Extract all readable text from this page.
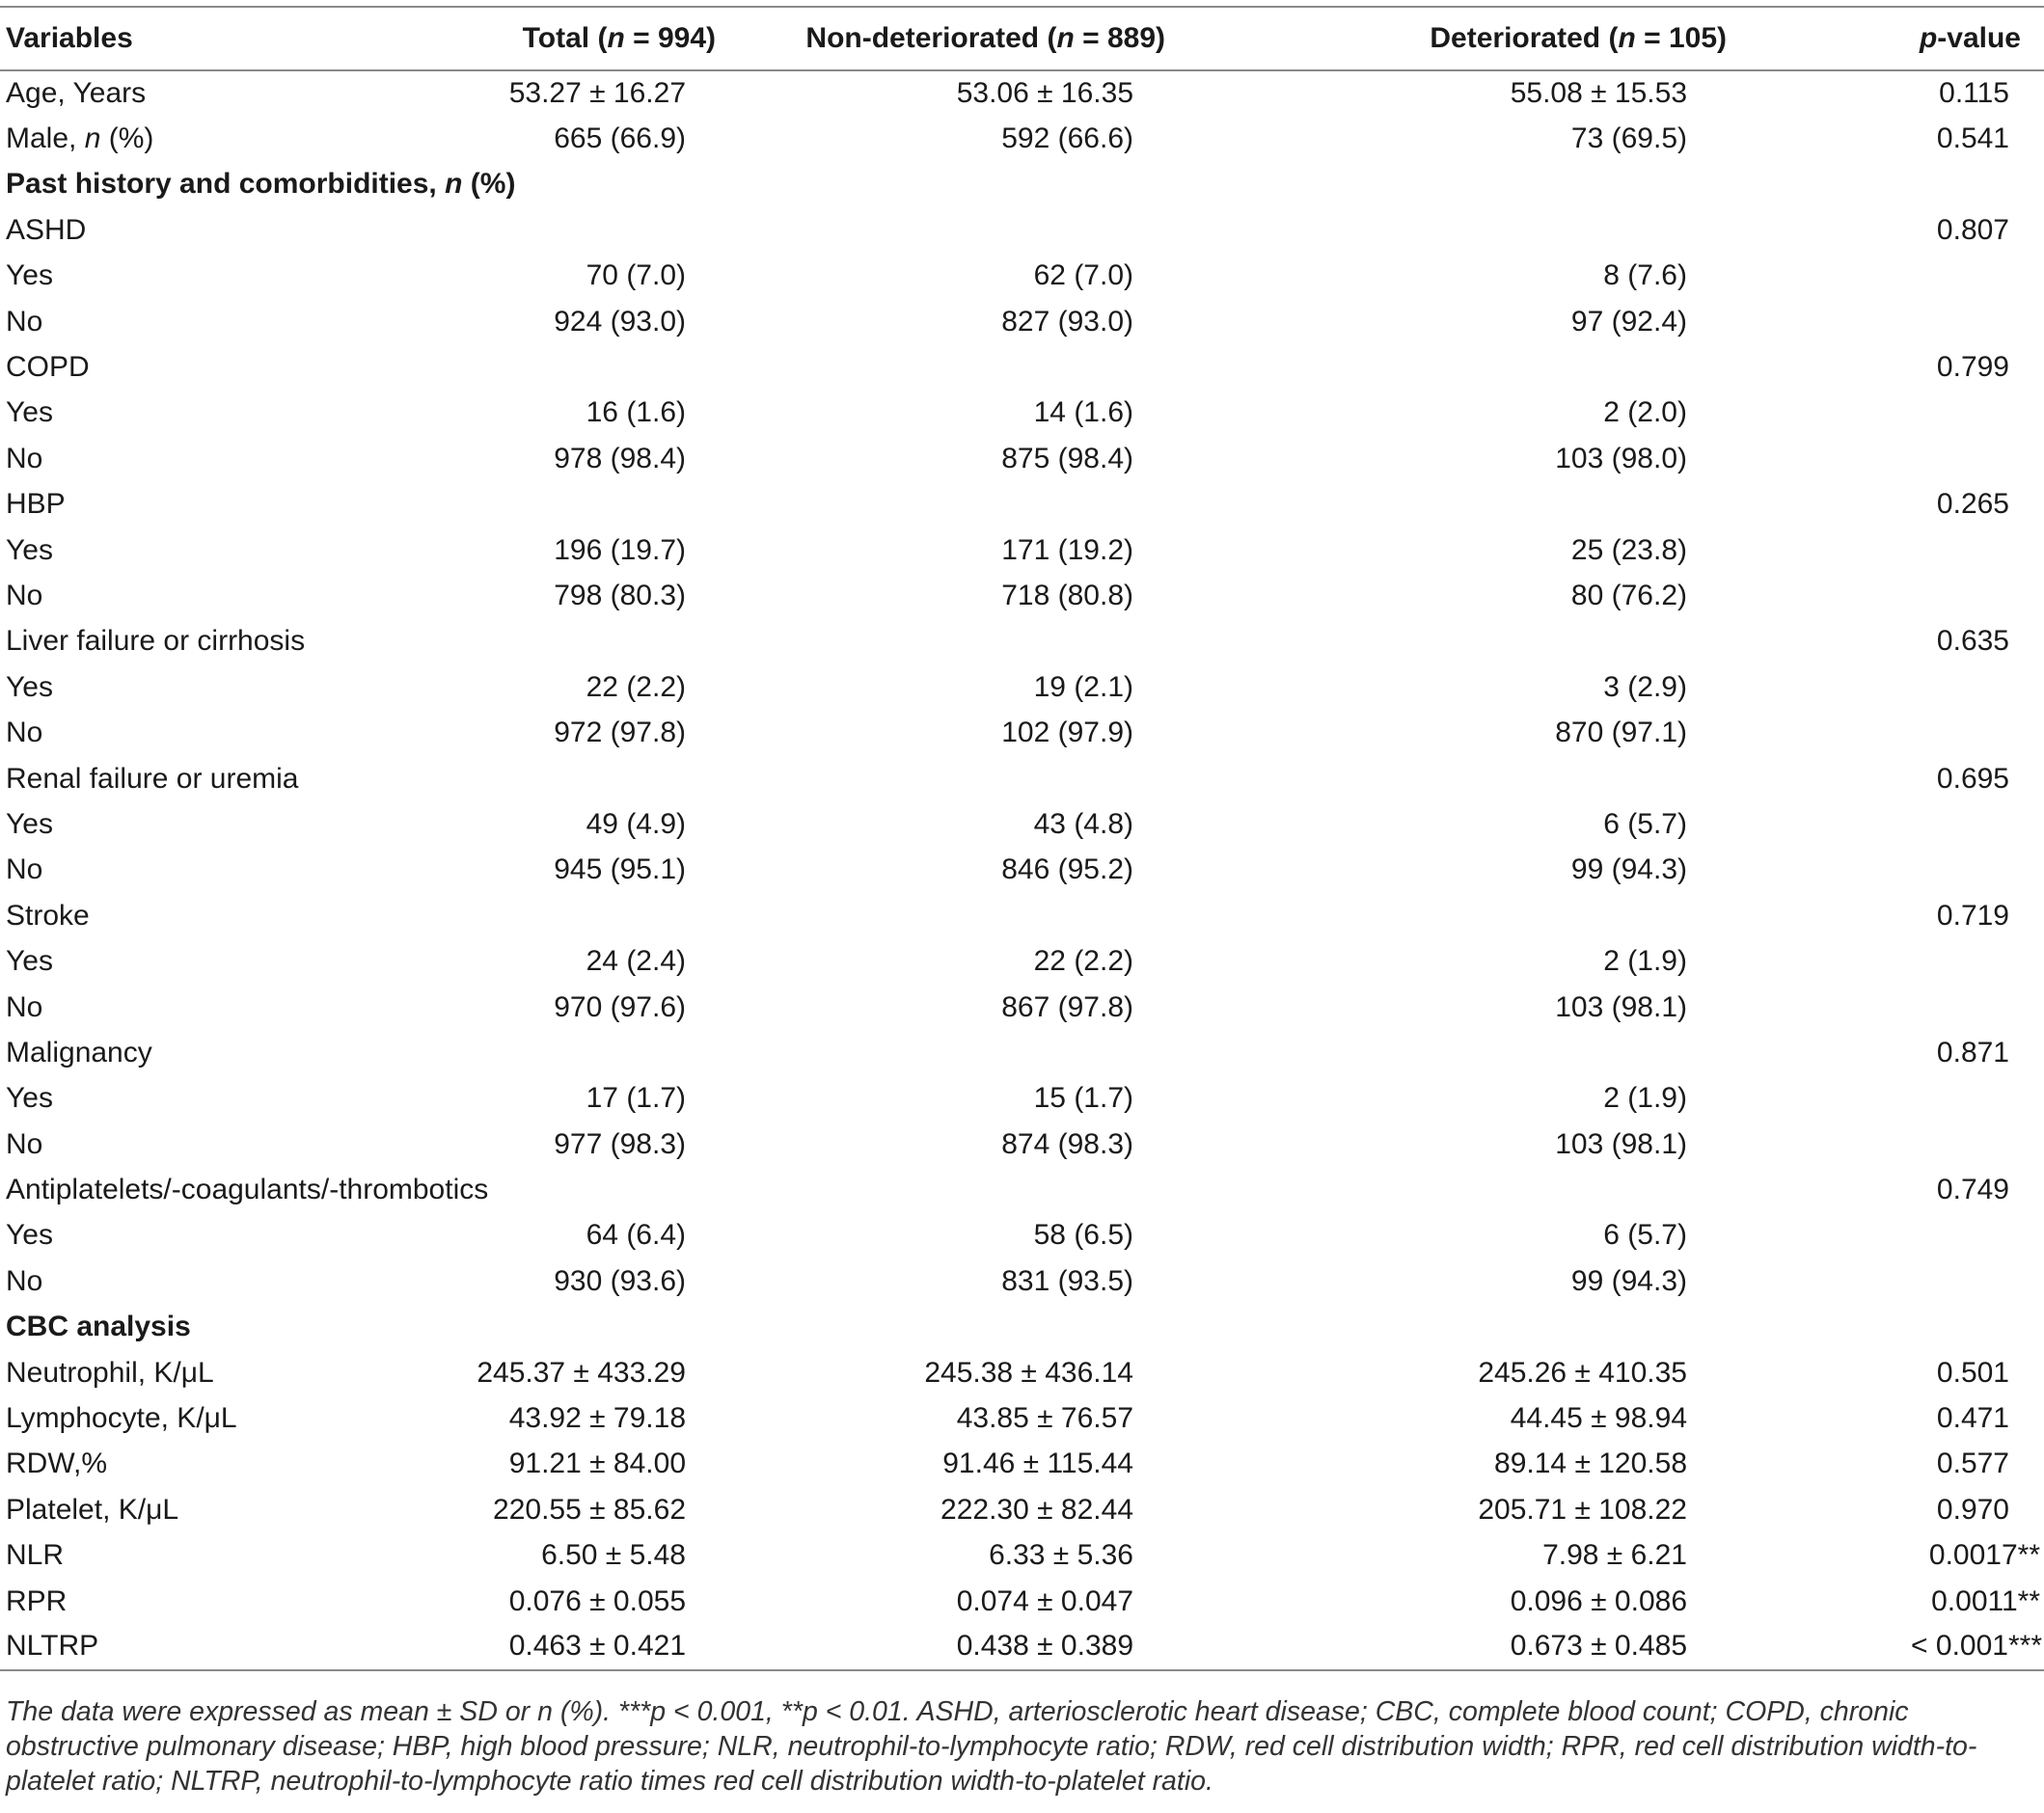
Variables	Total (n = 994)	Non-deteriorated (n = 889)	Deteriorated (n = 105)	p-value
Age, Years	53.27 ± 16.27	53.06 ± 16.35	55.08 ± 15.53	0.115
Male, n (%)	665 (66.9)	592 (66.6)	73 (69.5)	0.541
Past history and comorbidities, n (%)				
ASHD				0.807
Yes	70 (7.0)	62 (7.0)	8 (7.6)	
No	924 (93.0)	827 (93.0)	97 (92.4)	
COPD				0.799
Yes	16 (1.6)	14 (1.6)	2 (2.0)	
No	978 (98.4)	875 (98.4)	103 (98.0)	
HBP				0.265
Yes	196 (19.7)	171 (19.2)	25 (23.8)	
No	798 (80.3)	718 (80.8)	80 (76.2)	
Liver failure or cirrhosis				0.635
Yes	22 (2.2)	19 (2.1)	3 (2.9)	
No	972 (97.8)	102 (97.9)	870 (97.1)	
Renal failure or uremia				0.695
Yes	49 (4.9)	43 (4.8)	6 (5.7)	
No	945 (95.1)	846 (95.2)	99 (94.3)	
Stroke				0.719
Yes	24 (2.4)	22 (2.2)	2 (1.9)	
No	970 (97.6)	867 (97.8)	103 (98.1)	
Malignancy				0.871
Yes	17 (1.7)	15 (1.7)	2 (1.9)	
No	977 (98.3)	874 (98.3)	103 (98.1)	
Antiplatelets/-coagulants/-thrombotics				0.749
Yes	64 (6.4)	58 (6.5)	6 (5.7)	
No	930 (93.6)	831 (93.5)	99 (94.3)	
CBC analysis				
Neutrophil, K/μL	245.37 ± 433.29	245.38 ± 436.14	245.26 ± 410.35	0.501
Lymphocyte, K/μL	43.92 ± 79.18	43.85 ± 76.57	44.45 ± 98.94	0.471
RDW,%	91.21 ± 84.00	91.46 ± 115.44	89.14 ± 120.58	0.577
Platelet, K/μL	220.55 ± 85.62	222.30 ± 82.44	205.71 ± 108.22	0.970
NLR	6.50 ± 5.48	6.33 ± 5.36	7.98 ± 6.21	0.0017**
RPR	0.076 ± 0.055	0.074 ± 0.047	0.096 ± 0.086	0.0011**
NLTRP	0.463 ± 0.421	0.438 ± 0.389	0.673 ± 0.485	< 0.001***
The data were expressed as mean ± SD or n (%). ***p < 0.001, **p < 0.01. ASHD, arteriosclerotic heart disease; CBC, complete blood count; COPD, chronic obstructive pulmonary disease; HBP, high blood pressure; NLR, neutrophil-to-lymphocyte ratio; RDW, red cell distribution width; RPR, red cell distribution width-to-platelet ratio; NLTRP, neutrophil-to-lymphocyte ratio times red cell distribution width-to-platelet ratio.
